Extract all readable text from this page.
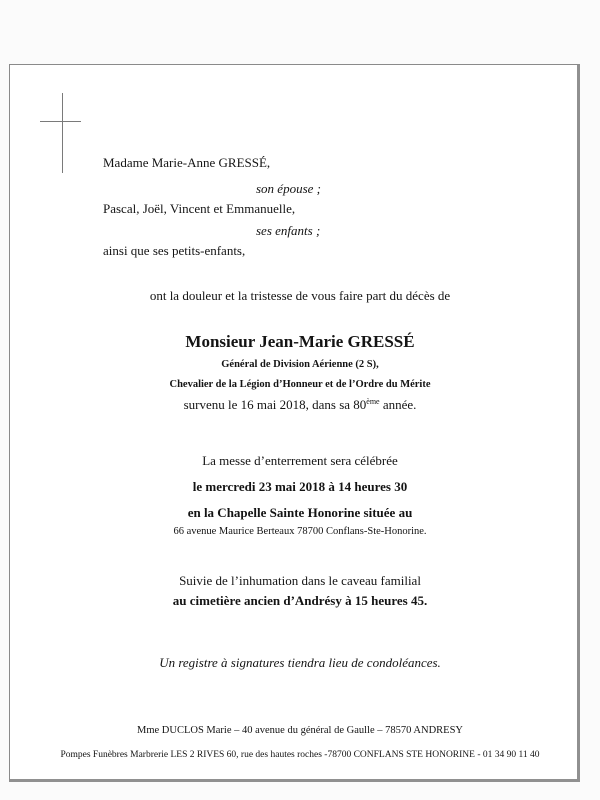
Madame Marie-Anne GRESSÉ,
son épouse ;
Pascal, Joël, Vincent et Emmanuelle,
ses enfants ;
ainsi que ses petits-enfants,
ont la douleur et la tristesse de vous faire part du décès de
Monsieur Jean-Marie GRESSÉ
Général de Division Aérienne (2 S),
Chevalier de la Légion d’Honneur et de l’Ordre du Mérite
survenu le 16 mai 2018, dans sa 80ème année.
La messe d’enterrement sera célébrée
le mercredi 23 mai 2018 à 14 heures 30
en la Chapelle Sainte Honorine située au
66 avenue Maurice Berteaux 78700 Conflans-Ste-Honorine.
Suivie de l’inhumation dans le caveau familial
au cimetière ancien d’Andrésy à 15 heures 45.
Un registre à signatures tiendra lieu de condoléances.
Mme DUCLOS Marie – 40 avenue du général de Gaulle – 78570 ANDRESY
Pompes Funèbres Marbrerie LES 2 RIVES 60, rue des hautes roches -78700 CONFLANS STE HONORINE - 01 34 90 11 40
